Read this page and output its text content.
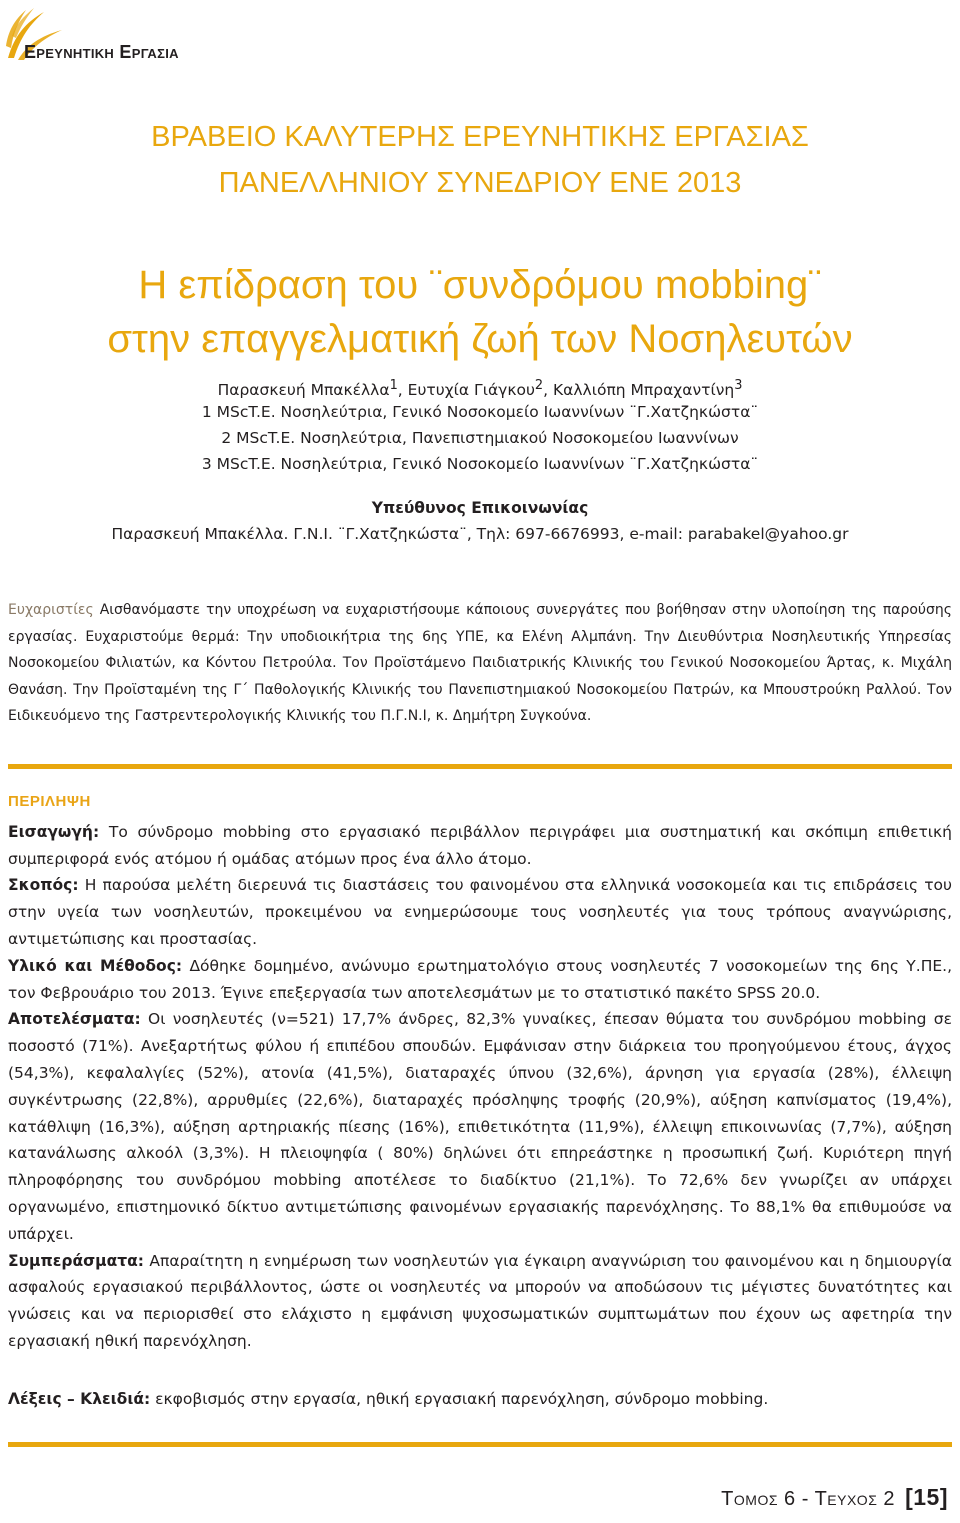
Ερευνητικη Εργασια
ΒΡΑΒΕΙΟ ΚΑΛΥΤΕΡΗΣ ΕΡΕΥΝΗΤΙΚΗΣ ΕΡΓΑΣΙΑΣ
ΠΑΝΕΛΛΗΝΙΟΥ ΣΥΝΕΔΡΙΟΥ ΕΝΕ 2013
Η επίδραση του ¨συνδρόμου mobbing¨
στην επαγγελματική ζωή των Νοσηλευτών
Παρασκευή Μπακέλλα$^1$, Ευτυχία Γιάγκου$^2$, Καλλιόπη Μπραχαντίνη$^3$
1 MScT.E. Νοσηλεύτρια, Γενικό Νοσοκομείο Ιωαννίνων ¨Γ.Χατζηκώστα¨
2 MScT.E. Νοσηλεύτρια, Πανεπιστημιακού Νοσοκομείου Ιωαννίνων
3 MScT.E. Νοσηλεύτρια, Γενικό Νοσοκομείο Ιωαννίνων ¨Γ.Χατζηκώστα¨
Υπεύθυνος Επικοινωνίας
Παρασκευή Μπακέλλα. Γ.Ν.Ι. ¨Γ.Χατζηκώστα¨, Τηλ: 697-6676993, e-mail: parabakel@yahoo.gr
Ευχαριστίες Αισθανόμαστε την υποχρέωση να ευχαριστήσουμε κάποιους συνεργάτες που βοήθησαν στην υλοποίηση της παρούσης εργασίας. Ευχαριστούμε θερμά: Την υποδιοικήτρια της 6ης ΥΠΕ, κα Ελένη Αλμπάνη. Την Διευθύντρια Νοσηλευτικής Υπηρεσίας Νοσοκομείου Φιλιατών, κα Κόντου Πετρούλα. Τον Προϊστάμενο Παιδιατρικής Κλινικής του Γενικού Νοσοκομείου Άρτας, κ. Μιχάλη Θανάση. Την Προϊσταμένη της Γ΄ Παθολογικής Κλινικής του Πανεπιστημιακού Νοσοκομείου Πατρών, κα Μπουστρούκη Ραλλού. Τον Ειδικευόμενο της Γαστρεντερολογικής Κλινικής του Π.Γ.Ν.Ι, κ. Δημήτρη Συγκούνα.
ΠΕΡΙΛΗΨΗ

Εισαγωγή: Το σύνδρομο mobbing στο εργασιακό περιβάλλον περιγράφει μια συστηματική και σκόπιμη επιθετική συμπεριφορά ενός ατόμου ή ομάδας ατόμων προς ένα άλλο άτομο.

Σκοπός: Η παρούσα μελέτη διερευνά τις διαστάσεις του φαινομένου στα ελληνικά νοσοκομεία και τις επιδράσεις του στην υγεία των νοσηλευτών, προκειμένου να ενημερώσουμε τους νοσηλευτές για τους τρόπους αναγνώρισης, αντιμετώπισης και προστασίας.

Υλικό και Μέθοδος: Δόθηκε δομημένο, ανώνυμο ερωτηματολόγιο στους νοσηλευτές 7 νοσοκομείων της 6ης Υ.ΠΕ., τον Φεβρουάριο του 2013. Έγινε επεξεργασία των αποτελεσμάτων με το στατιστικό πακέτο SPSS 20.0.

Αποτελέσματα: Οι νοσηλευτές (ν=521) 17,7% άνδρες, 82,3% γυναίκες, έπεσαν θύματα του συνδρόμου mobbing σε ποσοστό (71%). Ανεξαρτήτως φύλου ή επιπέδου σπουδών. Εμφάνισαν στην διάρκεια του προηγούμενου έτους, άγχος (54,3%), κεφαλαλγίες (52%), ατονία (41,5%), διαταραχές ύπνου (32,6%), άρνηση για εργασία (28%), έλλειψη συγκέντρωσης (22,8%), αρρυθμίες (22,6%), διαταραχές πρόσληψης τροφής (20,9%), αύξηση καπνίσματος (19,4%), κατάθλιψη (16,3%), αύξηση αρτηριακής πίεσης (16%), επιθετικότητα (11,9%), έλλειψη επικοινωνίας (7,7%), αύξηση κατανάλωσης αλκοόλ (3,3%). Η πλειοψηφία ( 80%) δηλώνει ότι επηρεάστηκε η προσωπική ζωή. Κυριότερη πηγή πληροφόρησης του συνδρόμου mobbing αποτέλεσε το διαδίκτυο (21,1%). Το 72,6% δεν γνωρίζει αν υπάρχει οργανωμένο, επιστημονικό δίκτυο αντιμετώπισης φαινομένων εργασιακής παρενόχλησης. Το 88,1% θα επιθυμούσε να υπάρχει.

Συμπεράσματα: Απαραίτητη η ενημέρωση των νοσηλευτών για έγκαιρη αναγνώριση του φαινομένου και η δημιουργία ασφαλούς εργασιακού περιβάλλοντος, ώστε οι νοσηλευτές να μπορούν να αποδώσουν τις μέγιστες δυνατότητες και γνώσεις και να περιορισθεί στο ελάχιστο η εμφάνιση ψυχοσωματικών συμπτωμάτων που έχουν ως αφετηρία την εργασιακή ηθική παρενόχληση.

Λέξεις – Κλειδιά: εκφοβισμός στην εργασία, ηθική εργασιακή παρενόχληση, σύνδρομο mobbing.
Τομος 6 - Τευχος 2 [15]
